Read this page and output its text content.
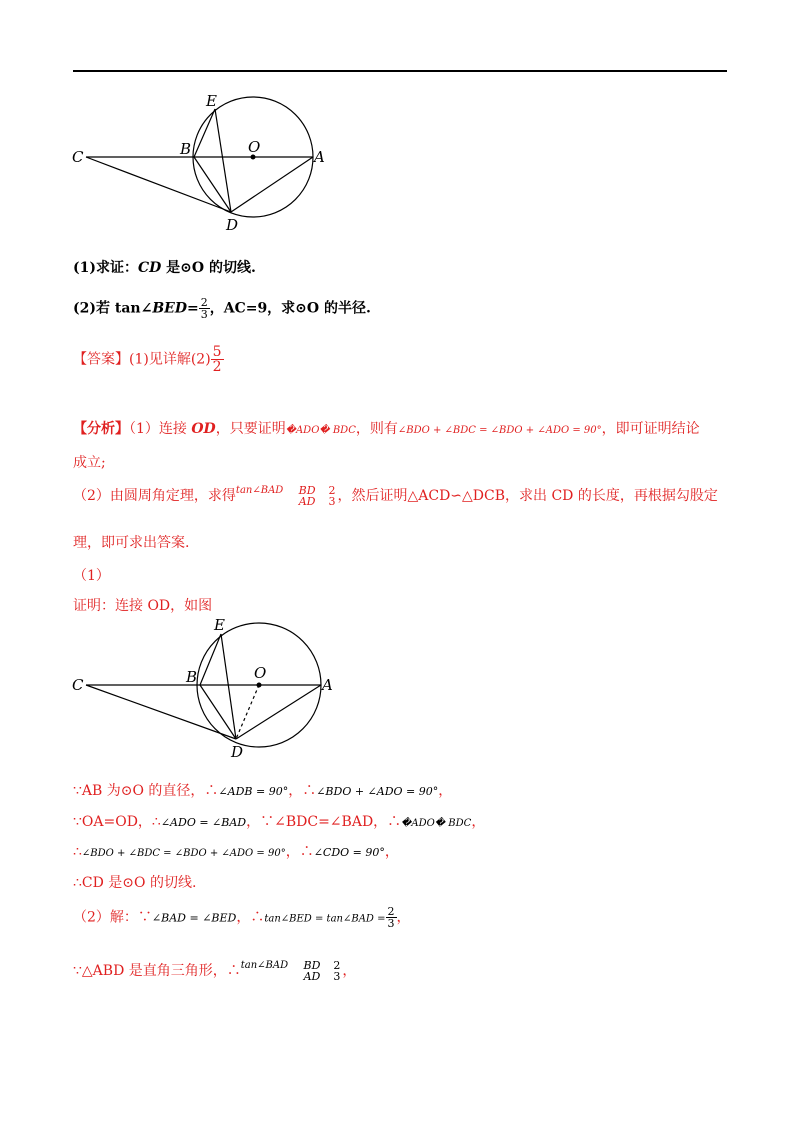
C	B
E
O
A
D
(1)求证：CD 是⊙O 的切线.
(2)若 tan∠BED= $\frac{2}{3}$ ，AC=9，求⊙O 的半径.
【答案】(1)见详解$(2) \frac{5}{2}$
【分析】（1）连接 OD，只要证明�ADO� BDC，则有∠BDO + ∠BDC = ∠BDO + ∠ADO = 90°，即可证明结论
成立;
（2）由圆周角定理，求得$^{tan\angle BAD}$ BD
AD

2
3 ，然后证明△ACD∽△DCB，求出 CD 的长度，再根据勾股定
理，即可求出答案.
（1）
证明：连接 OD，如图
C	B
E
O
A
D
∵AB 为⊙O 的直径，∴∠ADB = 90°，∴∠BDO + ∠ADO = 90°，
∵OA=OD，∴∠ADO = ∠BAD，∵∠BDC=∠BAD，∴�ADO� BDC，
∴∠BDO + ∠BDC = ∠BDO + ∠ADO = 90°，∴∠CDO = 90°，
∴CD 是⊙O 的切线.
（2）解：∵∠BAD = ∠BED，∴tan∠BED = tan∠BAD = $\frac{2}{3}$ ，
∵△ABD 是直角三角形，∴$^{tan\angle BAD}$ BD
AD

2
3 ，
